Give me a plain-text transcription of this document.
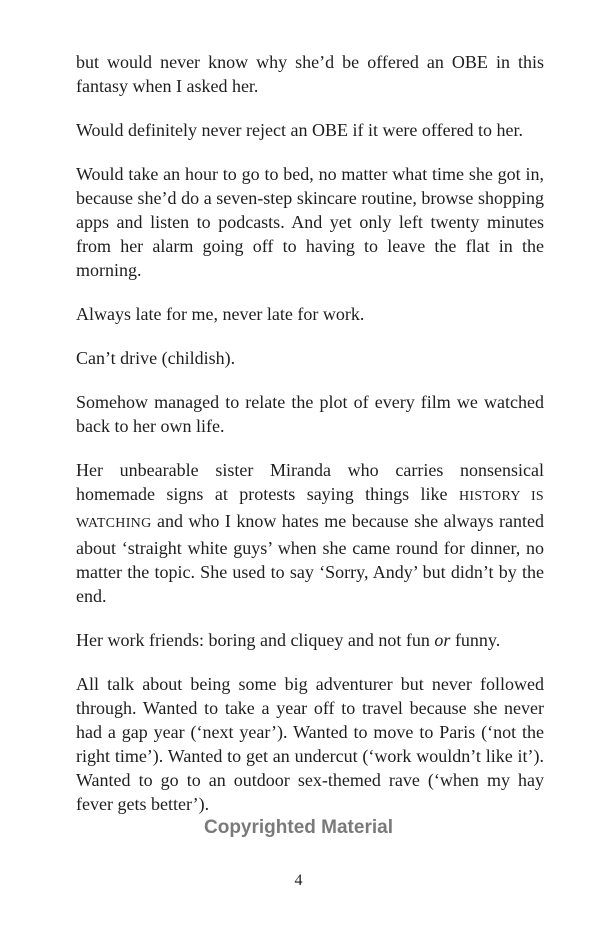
but would never know why she’d be offered an OBE in this fantasy when I asked her.

Would definitely never reject an OBE if it were offered to her.

Would take an hour to go to bed, no matter what time she got in, because she’d do a seven-step skincare routine, browse shopping apps and listen to podcasts. And yet only left twenty minutes from her alarm going off to having to leave the flat in the morning.

Always late for me, never late for work.

Can’t drive (childish).

Somehow managed to relate the plot of every film we watched back to her own life.

Her unbearable sister Miranda who carries nonsensical homemade signs at protests saying things like HISTORY IS WATCHING and who I know hates me because she always ranted about ‘straight white guys’ when she came round for dinner, no matter the topic. She used to say ‘Sorry, Andy’ but didn’t by the end.

Her work friends: boring and cliquey and not fun or funny.

All talk about being some big adventurer but never followed through. Wanted to take a year off to travel because she never had a gap year (‘next year’). Wanted to move to Paris (‘not the right time’). Wanted to get an undercut (‘work wouldn’t like it’). Wanted to go to an outdoor sex-themed rave (‘when my hay fever gets better’).

Copyrighted Material
4
